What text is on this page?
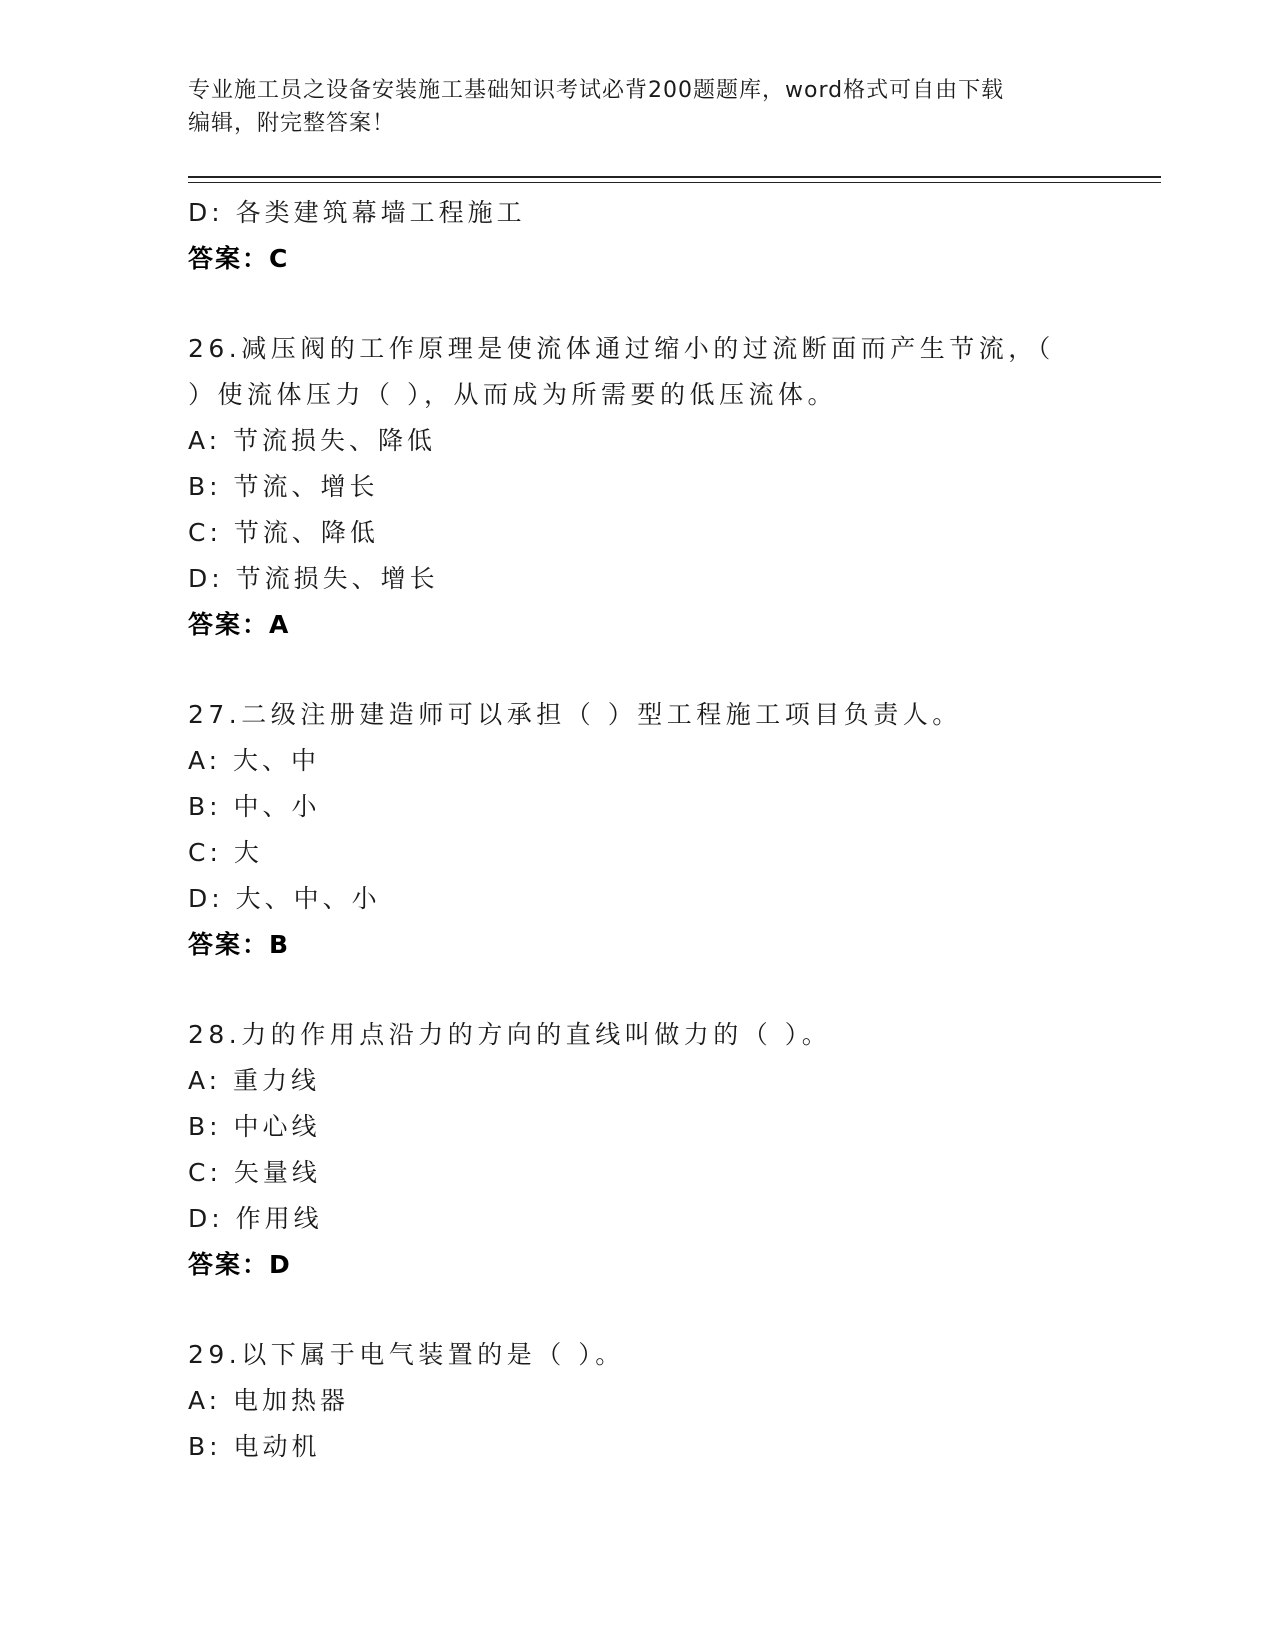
专业施工员之设备安装施工基础知识考试必背200题题库，word格式可自由下载
编辑，附完整答案！
D: 各类建筑幕墙工程施工
答案：C
26.减压阀的工作原理是使流体通过缩小的过流断面而产生节流，（
）使流体压力（ ），从而成为所需要的低压流体。
A: 节流损失、降低
B: 节流、增长
C: 节流、降低
D: 节流损失、增长
答案：A
27.二级注册建造师可以承担（ ）型工程施工项目负责人。
A: 大、中
B: 中、小
C: 大
D: 大、中、小
答案：B
28.力的作用点沿力的方向的直线叫做力的（ ）。
A: 重力线
B: 中心线
C: 矢量线
D: 作用线
答案：D
29.以下属于电气装置的是（ ）。
A: 电加热器
B: 电动机
